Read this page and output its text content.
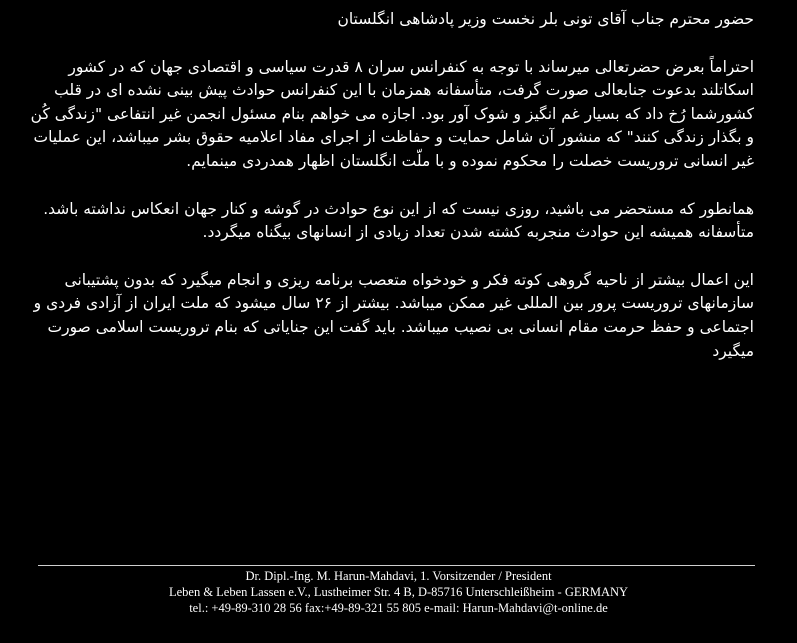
حضور محترم جناب آقای تونی بلر نخست وزیر پادشاهی انگلستان

احتراماً بعرض حضرتعالی میرساند با توجه به کنفرانس سران ۸ قدرت سیاسی و اقتصادی جهان که در کشور اسکاتلند بدعوت جنابعالی صورت گرفت، متأسفانه همزمان با این کنفرانس حوادث پیش بینی نشده ای در قلب کشورشما رُخ داد که بسیار غم انگیز و شوک آور بود. اجازه می خواهم بنام مسئول انجمن غیر انتفاعی "زندگی کُن و بگذار زندگی کنند" که منشور آن شامل حمایت و حفاظت از اجرای مفاد اعلامیه حقوق بشر میباشد، این عملیات غیر انسانی تروریست خصلت را محکوم نموده و با ملّت انگلستان اظهار همدردی مینمایم.

همانطور که مستحضر می باشید، روزی نیست که از این نوع حوادث در گوشه و کنار جهان انعکاس نداشته باشد. متأسفانه همیشه این حوادث منجربه کشته شدن تعداد زیادی از انسانهای بیگناه میگردد.

این اعمال بیشتر از ناحیه گروهی کوته فکر و خودخواه متعصب برنامه ریزی و انجام میگیرد که بدون پشتیبانی سازمانهای تروریست پرور بین المللی غیر ممکن میباشد. بیشتر از ۲۶ سال میشود که ملت ایران از آزادی فردی و اجتماعی و حفظ حرمت مقام انسانی بی نصیب میباشد. باید گفت این جنایاتی که بنام تروریست اسلامی صورت میگیرد

Dr. Dipl.-Ing. M. Harun-Mahdavi, 1. Vorsitzender / President
Leben & Leben Lassen e.V., Lustheimer Str. 4 B, D-85716 Unterschleißheim - GERMANY
tel.: +49-89-310 28 56 fax:+49-89-321 55 805 e-mail: Harun-Mahdavi@t-online.de
